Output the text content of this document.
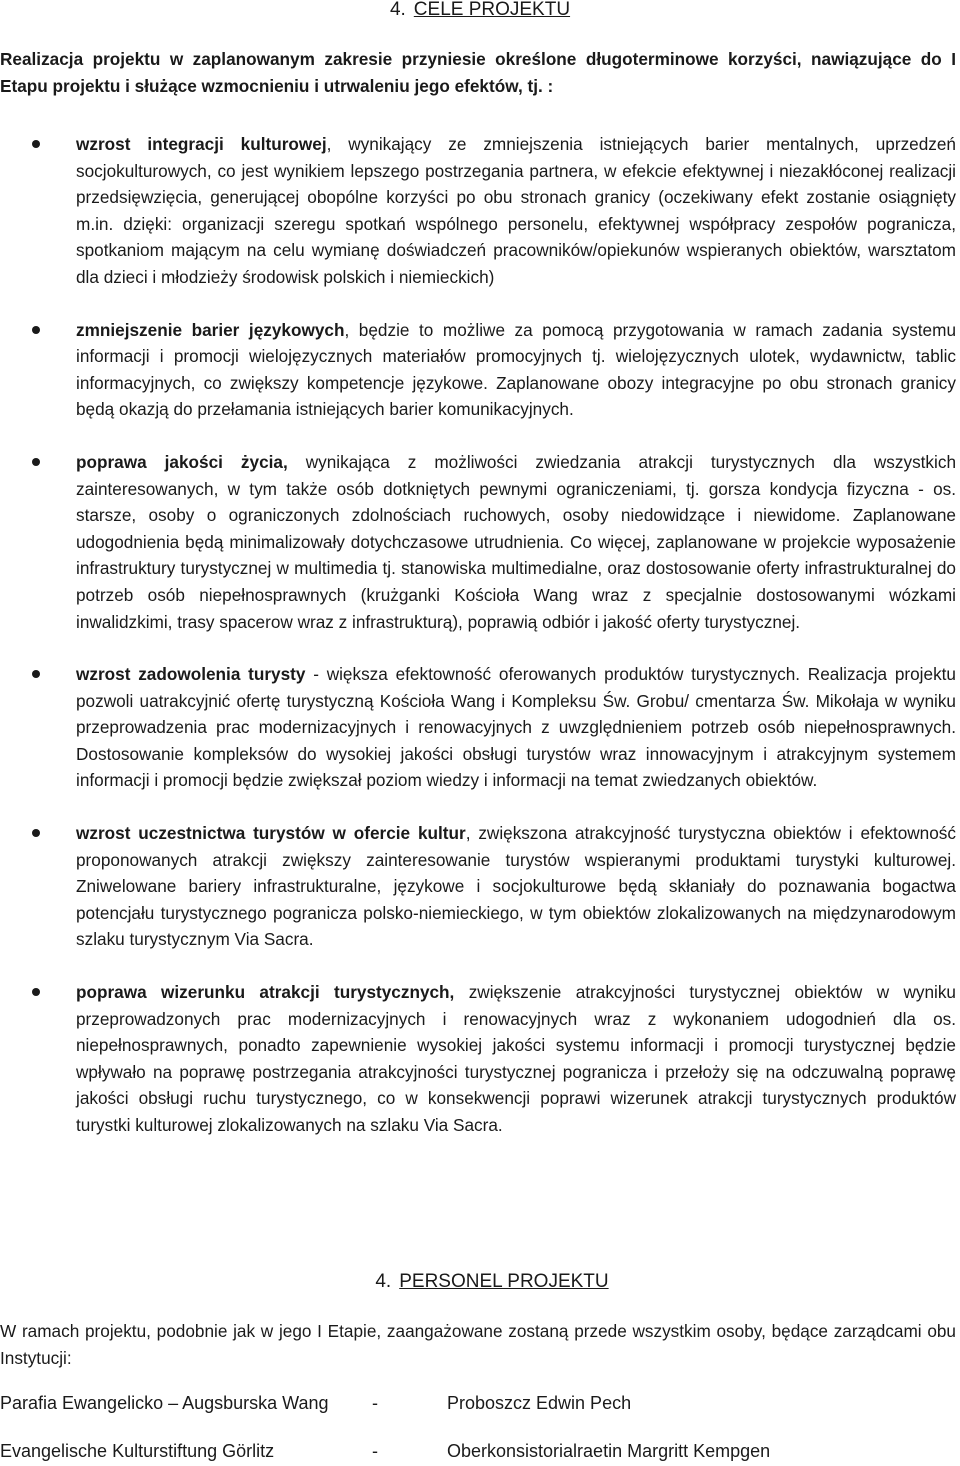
4. CELE PROJEKTU

Realizacja projektu w zaplanowanym zakresie przyniesie określone długoterminowe korzyści, nawiązujące do I Etapu projektu i służące wzmocnieniu i utrwaleniu jego efektów, tj. :

wzrost integracji kulturowej, wynikający ze zmniejszenia istniejących barier mentalnych, uprzedzeń socjokulturowych, co jest wynikiem lepszego postrzegania partnera, w efekcie efektywnej i niezakłóconej realizacji przedsięwzięcia, generującej obopólne korzyści po obu stronach granicy (oczekiwany efekt zostanie osiągnięty m.in. dzięki: organizacji szeregu spotkań wspólnego personelu, efektywnej współpracy zespołów pogranicza, spotkaniom mającym na celu wymianę doświadczeń pracowników/opiekunów wspieranych obiektów, warsztatom dla dzieci i młodzieży środowisk polskich i niemieckich)
zmniejszenie barier językowych, będzie to możliwe za pomocą przygotowania w ramach zadania systemu informacji i promocji wielojęzycznych materiałów promocyjnych tj. wielojęzycznych ulotek, wydawnictw, tablic informacyjnych, co zwiększy kompetencje językowe. Zaplanowane obozy integracyjne po obu stronach granicy będą okazją do przełamania istniejących barier komunikacyjnych.
poprawa jakości życia, wynikająca z możliwości zwiedzania atrakcji turystycznych dla wszystkich zainteresowanych, w tym także osób dotkniętych pewnymi ograniczeniami, tj. gorsza kondycja fizyczna - os. starsze, osoby o ograniczonych zdolnościach ruchowych, osoby niedowidzące i niewidome. Zaplanowane udogodnienia będą minimalizowały dotychczasowe utrudnienia. Co więcej, zaplanowane w projekcie wyposażenie infrastruktury turystycznej w multimedia tj. stanowiska multimedialne, oraz dostosowanie oferty infrastrukturalnej do potrzeb osób niepełnosprawnych (krużganki Kościoła Wang wraz z specjalnie dostosowanymi wózkami inwalidzkimi, trasy spacerow wraz z infrastrukturą), poprawią odbiór i jakość oferty turystycznej.
wzrost zadowolenia turysty - większa efektowność oferowanych produktów turystycznych. Realizacja projektu pozwoli uatrakcyjnić ofertę turystyczną Kościoła Wang i Kompleksu Św. Grobu/ cmentarza Św. Mikołaja w wyniku przeprowadzenia prac modernizacyjnych i renowacyjnych z uwzględnieniem potrzeb osób niepełnosprawnych. Dostosowanie kompleksów do wysokiej jakości obsługi turystów wraz innowacyjnym i atrakcyjnym systemem informacji i promocji będzie zwiększał poziom wiedzy i informacji na temat zwiedzanych obiektów.
wzrost uczestnictwa turystów w ofercie kultur, zwiększona atrakcyjność turystyczna obiektów i efektowność proponowanych atrakcji zwiększy zainteresowanie turystów wspieranymi produktami turystyki kulturowej. Zniwelowane bariery infrastrukturalne, językowe i socjokulturowe będą skłaniały do poznawania bogactwa potencjału turystycznego pogranicza polsko-niemieckiego, w tym obiektów zlokalizowanych na międzynarodowym szlaku turystycznym Via Sacra.
poprawa wizerunku atrakcji turystycznych, zwiększenie atrakcyjności turystycznej obiektów w wyniku przeprowadzonych prac modernizacyjnych i renowacyjnych wraz z wykonaniem udogodnień dla os. niepełnosprawnych, ponadto zapewnienie wysokiej jakości systemu informacji i promocji turystycznej będzie wpływało na poprawę postrzegania atrakcyjności turystycznej pogranicza i przełoży się na odczuwalną poprawę jakości obsługi ruchu turystycznego, co w konsekwencji poprawi wizerunek atrakcji turystycznych produktów turystki kulturowej zlokalizowanych na szlaku Via Sacra.
4. PERSONEL PROJEKTU

W ramach projektu, podobnie jak w jego I Etapie, zaangażowane zostaną przede wszystkim osoby, będące zarządcami obu Instytucji:

Parafia Ewangelicko – Augsburska Wang -	Proboszcz Edwin Pech
Evangelische Kulturstiftung Görlitz	-	Oberkonsistorialraetin Margritt Kempgen
